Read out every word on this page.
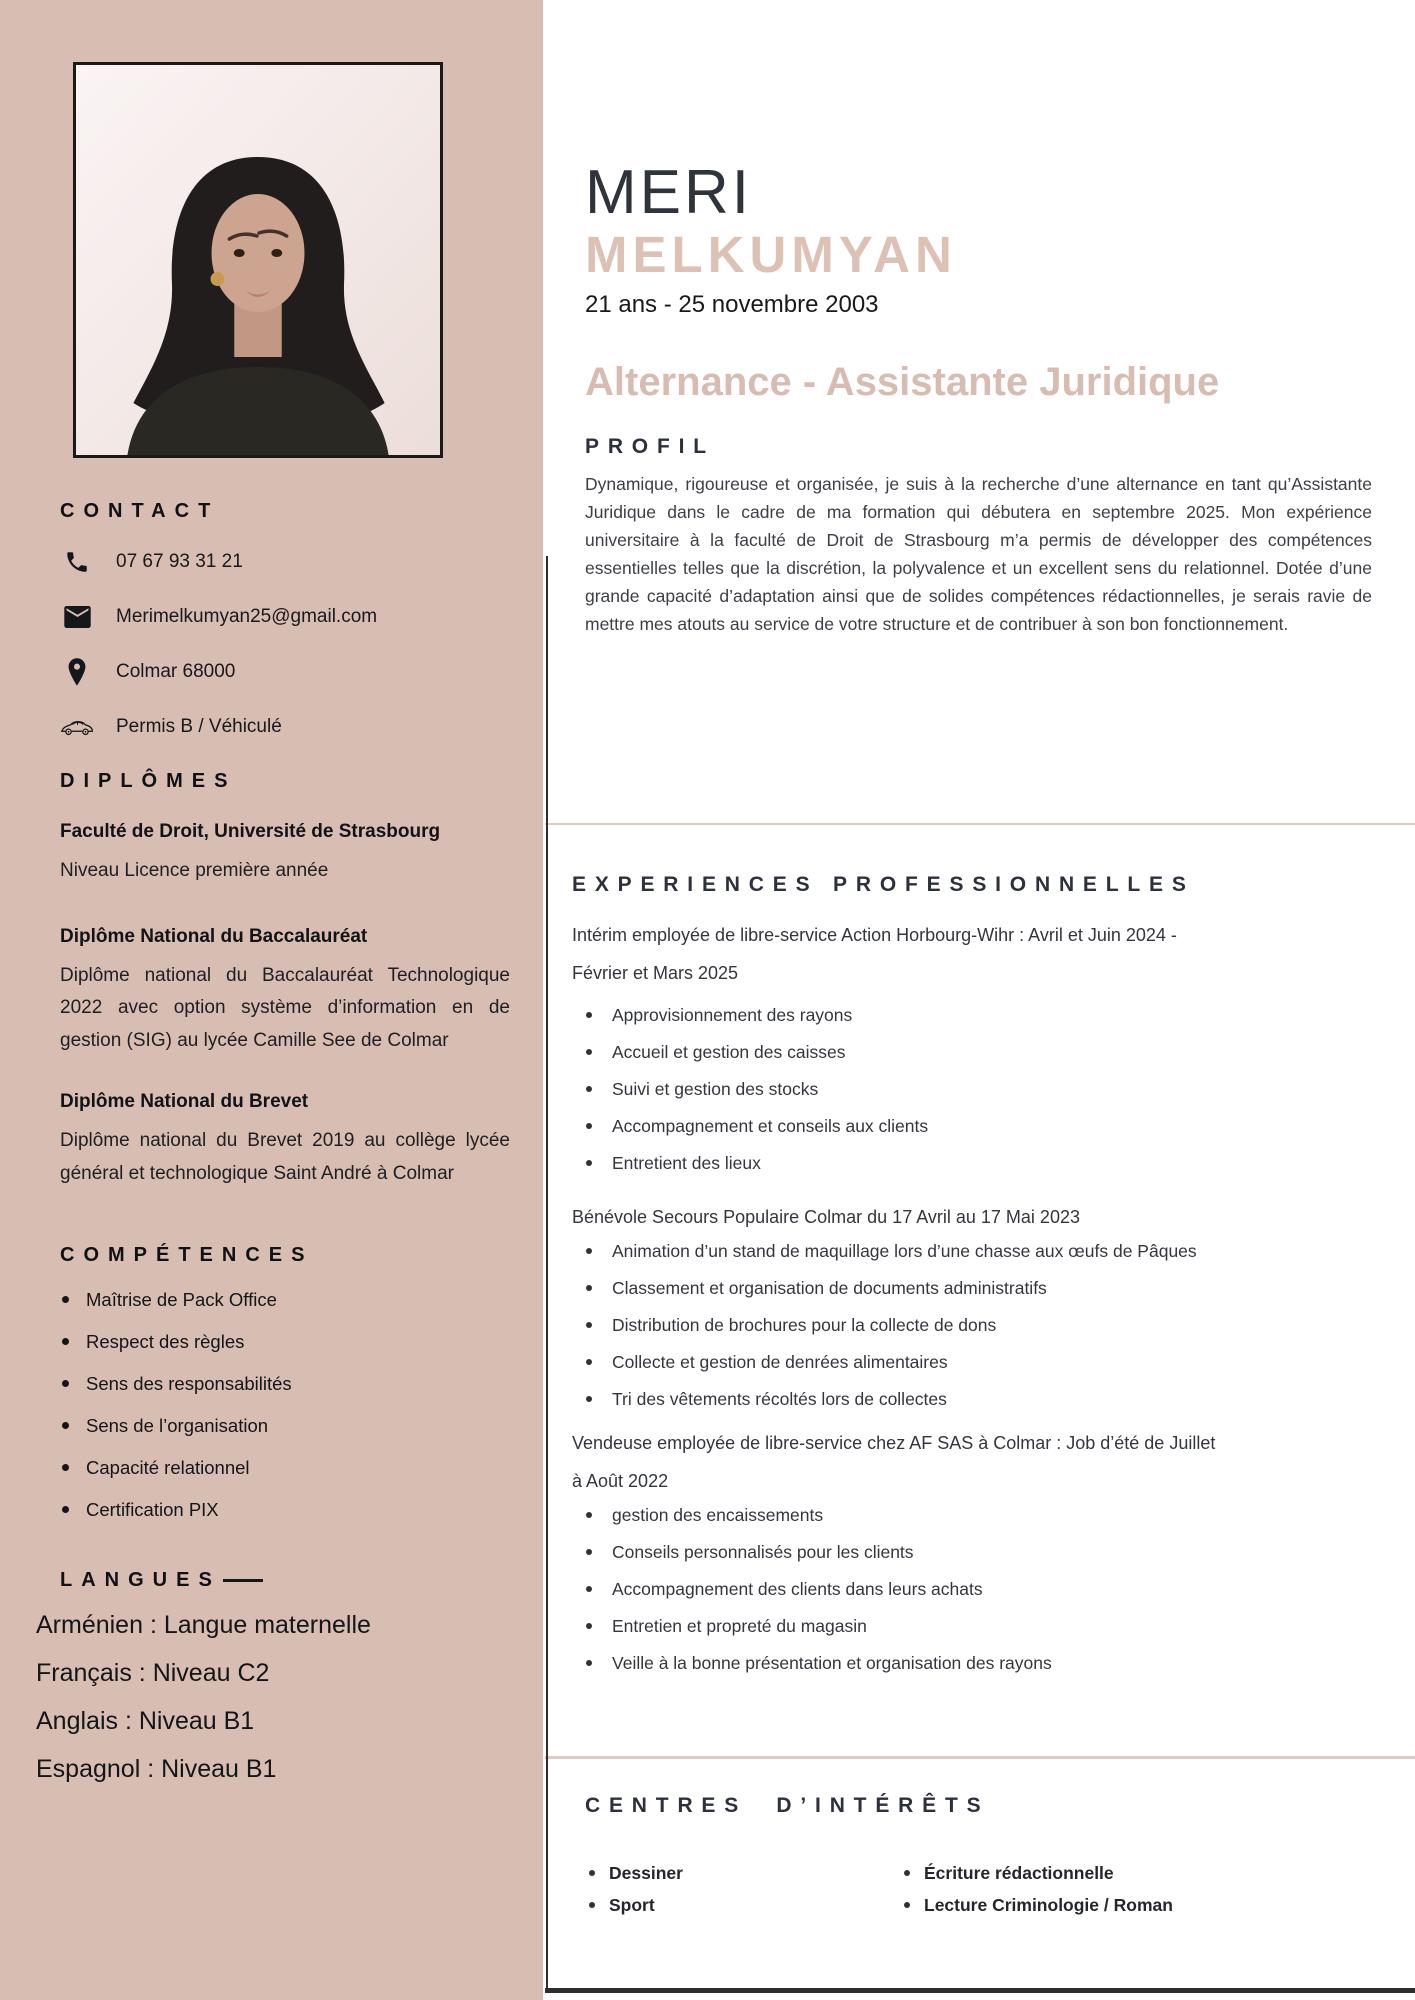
CONTACT
07 67 93 31 21
Merimelkumyan25@gmail.com
Colmar 68000
Permis B / Véhiculé
DIPLÔMES
Faculté de Droit, Université de Strasbourg
Niveau Licence première année
Diplôme National du Baccalauréat
Diplôme national du Baccalauréat Technologique 2022 avec option système d’information en de gestion (SIG) au lycée Camille See de Colmar
Diplôme National du Brevet
Diplôme national du Brevet 2019 au collège lycée général et technologique Saint André à Colmar
COMPÉTENCES
Maîtrise de Pack Office
Respect des règles
Sens des responsabilités
Sens de l’organisation
Capacité relationnel
Certification PIX
LANGUES
Arménien : Langue maternelle
Français : Niveau C2
Anglais : Niveau B1
Espagnol : Niveau B1
MERI
MELKUMYAN
21 ans - 25 novembre 2003
Alternance - Assistante Juridique
PROFIL

Dynamique, rigoureuse et organisée, je suis à la recherche d’une alternance en tant qu’Assistante Juridique dans le cadre de ma formation qui débutera en septembre 2025. Mon expérience universitaire à la faculté de Droit de Strasbourg m’a permis de développer des compétences essentielles telles que la discrétion, la polyvalence et un excellent sens du relationnel. Dotée d’une grande capacité d’adaptation ainsi que de solides compétences rédactionnelles, je serais ravie de mettre mes atouts au service de votre structure et de contribuer à son bon fonctionnement.

EXPERIENCES PROFESSIONNELLES
Intérim employée de libre-service Action Horbourg-Wihr : Avril et Juin 2024 -
Février et Mars 2025
Approvisionnement des rayons
Accueil et gestion des caisses
Suivi et gestion des stocks
Accompagnement et conseils aux clients
Entretient des lieux
Bénévole Secours Populaire Colmar du 17 Avril au 17 Mai 2023
Animation d’un stand de maquillage lors d’une chasse aux œufs de Pâques
Classement et organisation de documents administratifs
Distribution de brochures pour la collecte de dons
Collecte et gestion de denrées alimentaires
Tri des vêtements récoltés lors de collectes
Vendeuse employée de libre-service chez AF SAS à Colmar : Job d’été de Juillet
à Août 2022
gestion des encaissements
Conseils personnalisés pour les clients
Accompagnement des clients dans leurs achats
Entretien et propreté du magasin
Veille à la bonne présentation et organisation des rayons
CENTRES  D’INTÉRÊTS
Dessiner
Sport
Écriture rédactionnelle
Lecture Criminologie / Roman
